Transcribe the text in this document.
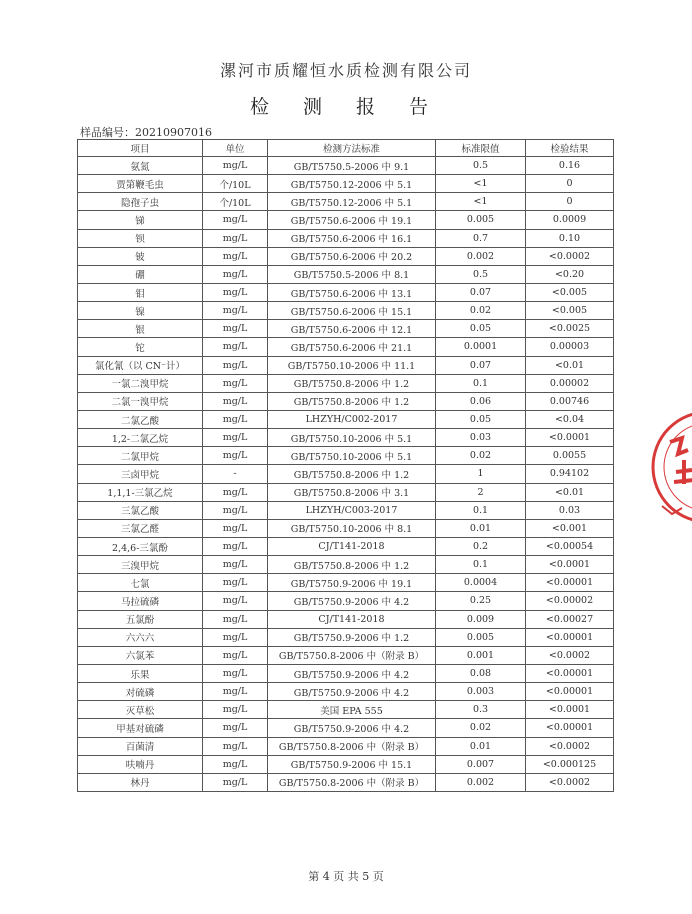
漯河市质耀恒水质检测有限公司
检 测 报 告
样品编号：20210907016
项目	单位	检测方法标准	标准限值	检验结果
氨氮	mg/L	GB/T5750.5-2006 中 9.1	0.5	0.16
贾第鞭毛虫	个/10L	GB/T5750.12-2006 中 5.1	<1	0
隐孢子虫	个/10L	GB/T5750.12-2006 中 5.1	<1	0
锑	mg/L	GB/T5750.6-2006 中 19.1	0.005	0.0009
钡	mg/L	GB/T5750.6-2006 中 16.1	0.7	0.10
铍	mg/L	GB/T5750.6-2006 中 20.2	0.002	<0.0002
硼	mg/L	GB/T5750.5-2006 中 8.1	0.5	<0.20
钼	mg/L	GB/T5750.6-2006 中 13.1	0.07	<0.005
镍	mg/L	GB/T5750.6-2006 中 15.1	0.02	<0.005
银	mg/L	GB/T5750.6-2006 中 12.1	0.05	<0.0025
铊	mg/L	GB/T5750.6-2006 中 21.1	0.0001	0.00003
氯化氰（以 CN⁻计）	mg/L	GB/T5750.10-2006 中 11.1	0.07	<0.01
一氯二溴甲烷	mg/L	GB/T5750.8-2006 中 1.2	0.1	0.00002
二氯一溴甲烷	mg/L	GB/T5750.8-2006 中 1.2	0.06	0.00746
二氯乙酸	mg/L	LHZYH/C002-2017	0.05	<0.04
1,2-二氯乙烷	mg/L	GB/T5750.10-2006 中 5.1	0.03	<0.0001
二氯甲烷	mg/L	GB/T5750.10-2006 中 5.1	0.02	0.0055
三卤甲烷	-	GB/T5750.8-2006 中 1.2	1	0.94102
1,1,1-三氯乙烷	mg/L	GB/T5750.8-2006 中 3.1	2	<0.01
三氯乙酸	mg/L	LHZYH/C003-2017	0.1	0.03
三氯乙醛	mg/L	GB/T5750.10-2006 中 8.1	0.01	<0.001
2,4,6-三氯酚	mg/L	CJ/T141-2018	0.2	<0.00054
三溴甲烷	mg/L	GB/T5750.8-2006 中 1.2	0.1	<0.0001
七氯	mg/L	GB/T5750.9-2006 中 19.1	0.0004	<0.00001
马拉硫磷	mg/L	GB/T5750.9-2006 中 4.2	0.25	<0.00002
五氯酚	mg/L	CJ/T141-2018	0.009	<0.00027
六六六	mg/L	GB/T5750.9-2006 中 1.2	0.005	<0.00001
六氯苯	mg/L	GB/T5750.8-2006 中（附录 B）	0.001	<0.0002
乐果	mg/L	GB/T5750.9-2006 中 4.2	0.08	<0.00001
对硫磷	mg/L	GB/T5750.9-2006 中 4.2	0.003	<0.00001
灭草松	mg/L	美国 EPA 555	0.3	<0.0001
甲基对硫磷	mg/L	GB/T5750.9-2006 中 4.2	0.02	<0.00001
百菌清	mg/L	GB/T5750.8-2006 中（附录 B）	0.01	<0.0002
呋喃丹	mg/L	GB/T5750.9-2006 中 15.1	0.007	<0.000125
林丹	mg/L	GB/T5750.8-2006 中（附录 B）	0.002	<0.0002
第 4 页 共 5 页
